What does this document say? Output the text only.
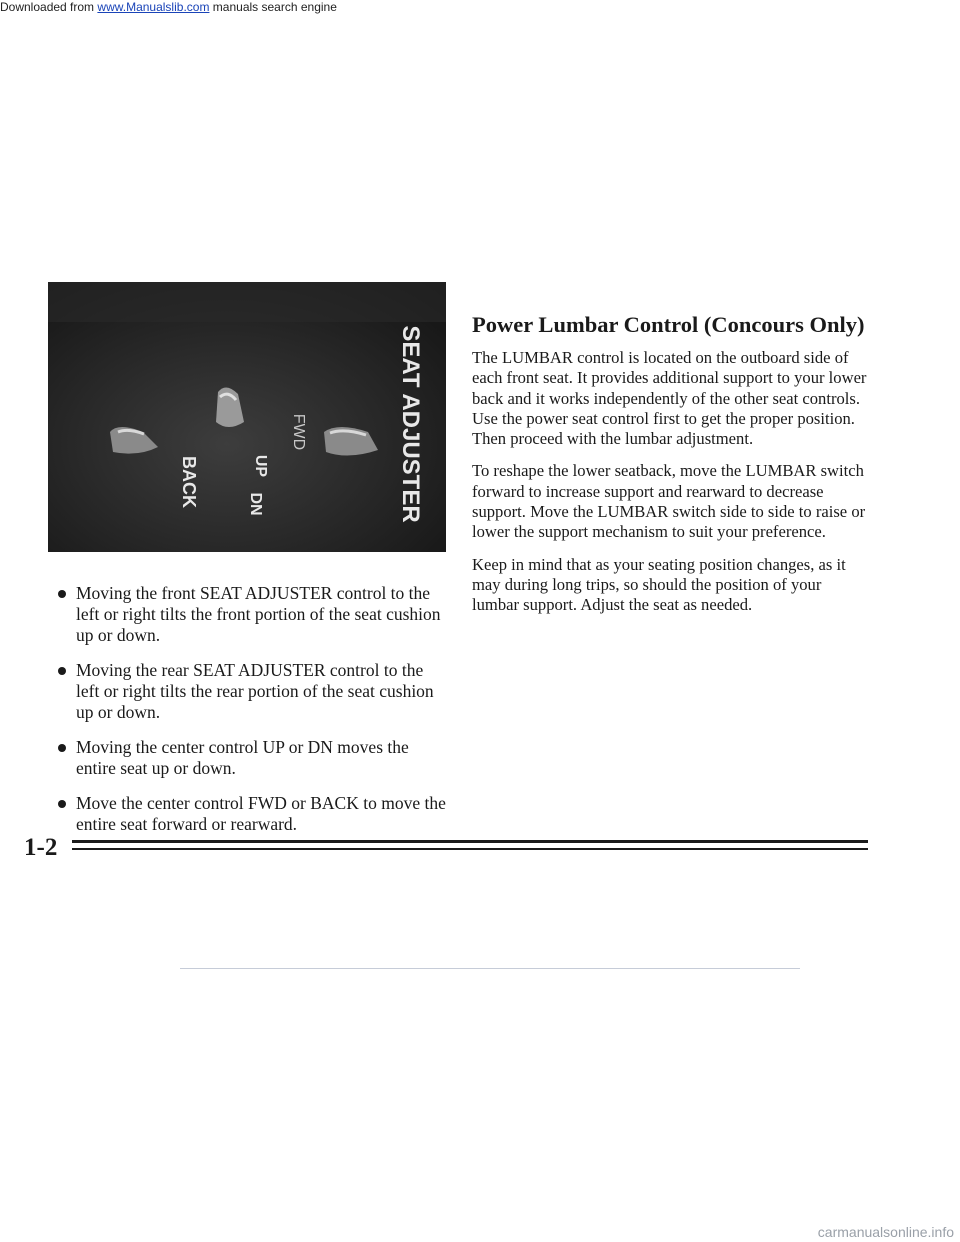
Downloaded from www.Manualslib.com manuals search engine
SEAT ADJUSTER
BACK
FWD
UP
DN
Moving the front SEAT ADJUSTER control to the left or right tilts the front portion of the seat cushion up or down.
Moving the rear SEAT ADJUSTER control to the left or right tilts the rear portion of the seat cushion up or down.
Moving the center control UP or DN moves the entire seat up or down.
Move the center control FWD or BACK to move the entire seat forward or rearward.
Power Lumbar Control (Concours Only)

The LUMBAR control is located on the outboard side of each front seat. It provides additional support to your lower back and it works independently of the other seat controls. Use the power seat control first to get the proper position. Then proceed with the lumbar adjustment.

To reshape the lower seatback, move the LUMBAR switch forward to increase support and rearward to decrease support. Move the LUMBAR switch side to side to raise or lower the support mechanism to suit your preference.

Keep in mind that as your seating position changes, as it may during long trips, so should the position of your lumbar support. Adjust the seat as needed.

1-2
carmanualsonline.info
